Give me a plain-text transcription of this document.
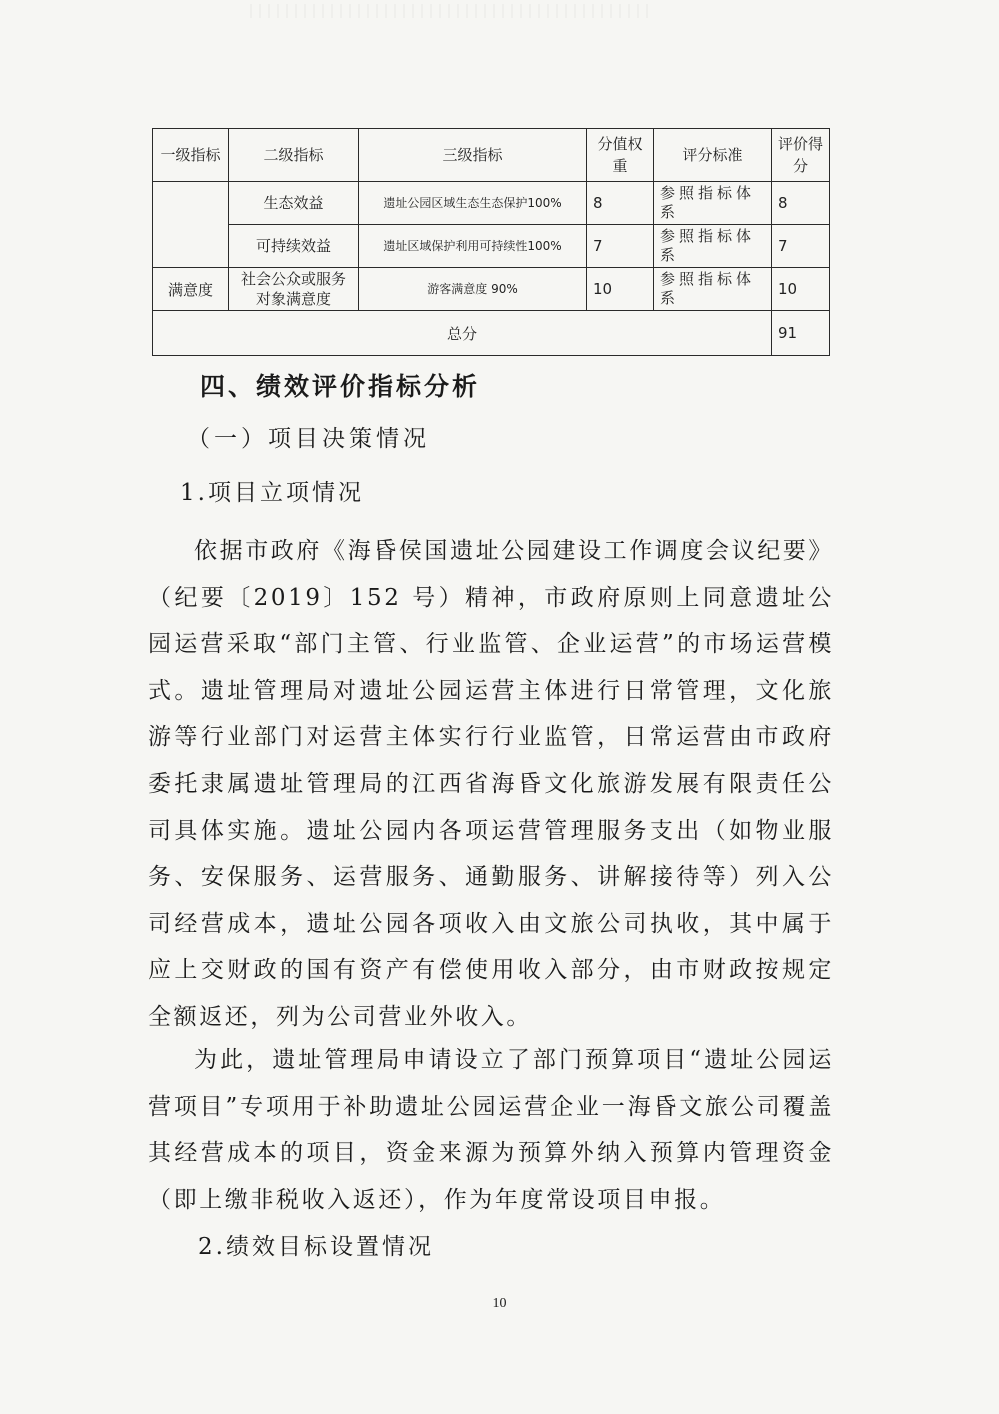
一级指标	二级指标	三级指标	分值权重	评分标准	评价得分
	生态效益	遗址公园区域生态生态保护100%	8	参照指标体系	8
	可持续效益	遗址区域保护利用可持续性100%	7	参照指标体系	7
满意度	社会公众或服务对象满意度	游客满意度 90%	10	参照指标体系	10
总分					91
四、绩效评价指标分析
（一）项目决策情况
1.项目立项情况

依据市政府《海昏侯国遗址公园建设工作调度会议纪要》（纪要〔2019〕152 号）精神，市政府原则上同意遗址公园运营采取“部门主管、行业监管、企业运营”的市场运营模式。遗址管理局对遗址公园运营主体进行日常管理，文化旅游等行业部门对运营主体实行行业监管，日常运营由市政府委托隶属遗址管理局的江西省海昏文化旅游发展有限责任公司具体实施。遗址公园内各项运营管理服务支出（如物业服务、安保服务、运营服务、通勤服务、讲解接待等）列入公司经营成本，遗址公园各项收入由文旅公司执收，其中属于应上交财政的国有资产有偿使用收入部分，由市财政按规定全额返还，列为公司营业外收入。

为此，遗址管理局申请设立了部门预算项目“遗址公园运营项目”专项用于补助遗址公园运营企业一海昏文旅公司覆盖其经营成本的项目，资金来源为预算外纳入预算内管理资金（即上缴非税收入返还），作为年度常设项目申报。

2.绩效目标设置情况
10
